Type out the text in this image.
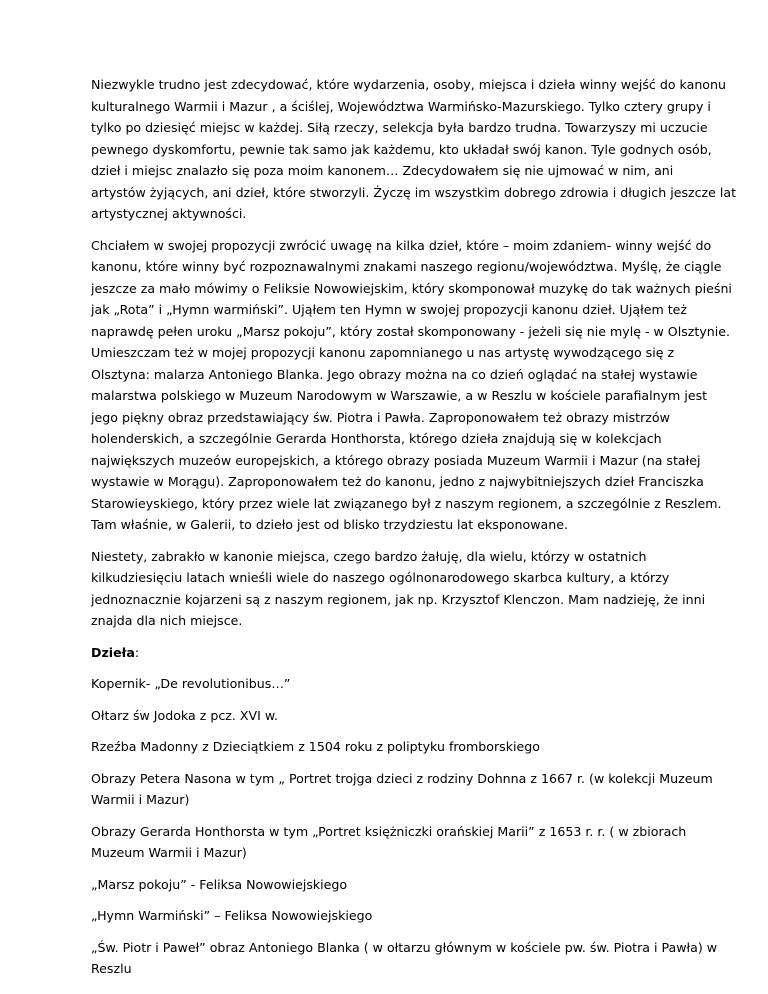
Niezwykle trudno jest zdecydować, które wydarzenia, osoby, miejsca i dzieła winny wejść do kanonu
kulturalnego Warmii i Mazur , a ściślej, Województwa Warmińsko-Mazurskiego. Tylko cztery grupy i
tylko po dziesięć miejsc w każdej. Siłą rzeczy, selekcja była bardzo trudna. Towarzyszy mi uczucie
pewnego dyskomfortu, pewnie tak samo jak każdemu, kto układał swój kanon. Tyle godnych osób,
dzieł i miejsc znalazło się poza moim kanonem… Zdecydowałem się nie ujmować w nim, ani
artystów żyjących, ani dzieł, które stworzyli. Życzę im wszystkim dobrego zdrowia i długich jeszcze lat
artystycznej aktywności.

Chciałem w swojej propozycji zwrócić uwagę na kilka dzieł, które – moim zdaniem- winny wejść do
kanonu, które winny być rozpoznawalnymi znakami naszego regionu/województwa. Myślę, że ciągle
jeszcze za mało mówimy o Feliksie Nowowiejskim, który skomponował muzykę do tak ważnych pieśni
jak „Rota” i „Hymn warmiński”. Ująłem ten Hymn w swojej propozycji kanonu dzieł. Ująłem też
naprawdę pełen uroku „Marsz pokoju”, który został skomponowany - jeżeli się nie mylę - w Olsztynie.
Umieszczam też w mojej propozycji kanonu zapomnianego u nas artystę wywodzącego się z
Olsztyna: malarza Antoniego Blanka. Jego obrazy można na co dzień oglądać na stałej wystawie
malarstwa polskiego w Muzeum Narodowym w Warszawie, a w Reszlu w kościele parafialnym jest
jego piękny obraz przedstawiający św. Piotra i Pawła. Zaproponowałem też obrazy mistrzów
holenderskich, a szczególnie Gerarda Honthorsta, którego dzieła znajdują się w kolekcjach
największych muzeów europejskich, a którego obrazy posiada Muzeum Warmii i Mazur (na stałej
wystawie w Morągu). Zaproponowałem też do kanonu, jedno z najwybitniejszych dzieł Franciszka
Starowieyskiego, który przez wiele lat związanego był z naszym regionem, a szczególnie z Reszlem.
Tam właśnie, w Galerii, to dzieło jest od blisko trzydziestu lat eksponowane.

Niestety, zabrakło w kanonie miejsca, czego bardzo żałuję, dla wielu, którzy w ostatnich
kilkudziesięciu latach wnieśli wiele do naszego ogólnonarodowego skarbca kultury, a którzy
jednoznacznie kojarzeni są z naszym regionem, jak np. Krzysztof Klenczon. Mam nadzieję, że inni
znajda dla nich miejsce.

Dzieła:

Kopernik- „De revolutionibus…”

Ołtarz św Jodoka z pcz. XVI w.

Rzeźba Madonny z Dzieciątkiem z 1504 roku z poliptyku fromborskiego

Obrazy Petera Nasona w tym „ Portret trojga dzieci z rodziny Dohnna z 1667 r. (w kolekcji Muzeum
Warmii i Mazur)

Obrazy Gerarda Honthorsta w tym „Portret księżniczki orańskiej Marii” z 1653 r. r. ( w zbiorach
Muzeum Warmii i Mazur)

„Marsz pokoju” - Feliksa Nowowiejskiego

„Hymn Warmiński” – Feliksa Nowowiejskiego

„Św. Piotr i Paweł” obraz Antoniego Blanka ( w ołtarzu głównym w kościele pw. św. Piotra i Pawła) w
Reszlu
